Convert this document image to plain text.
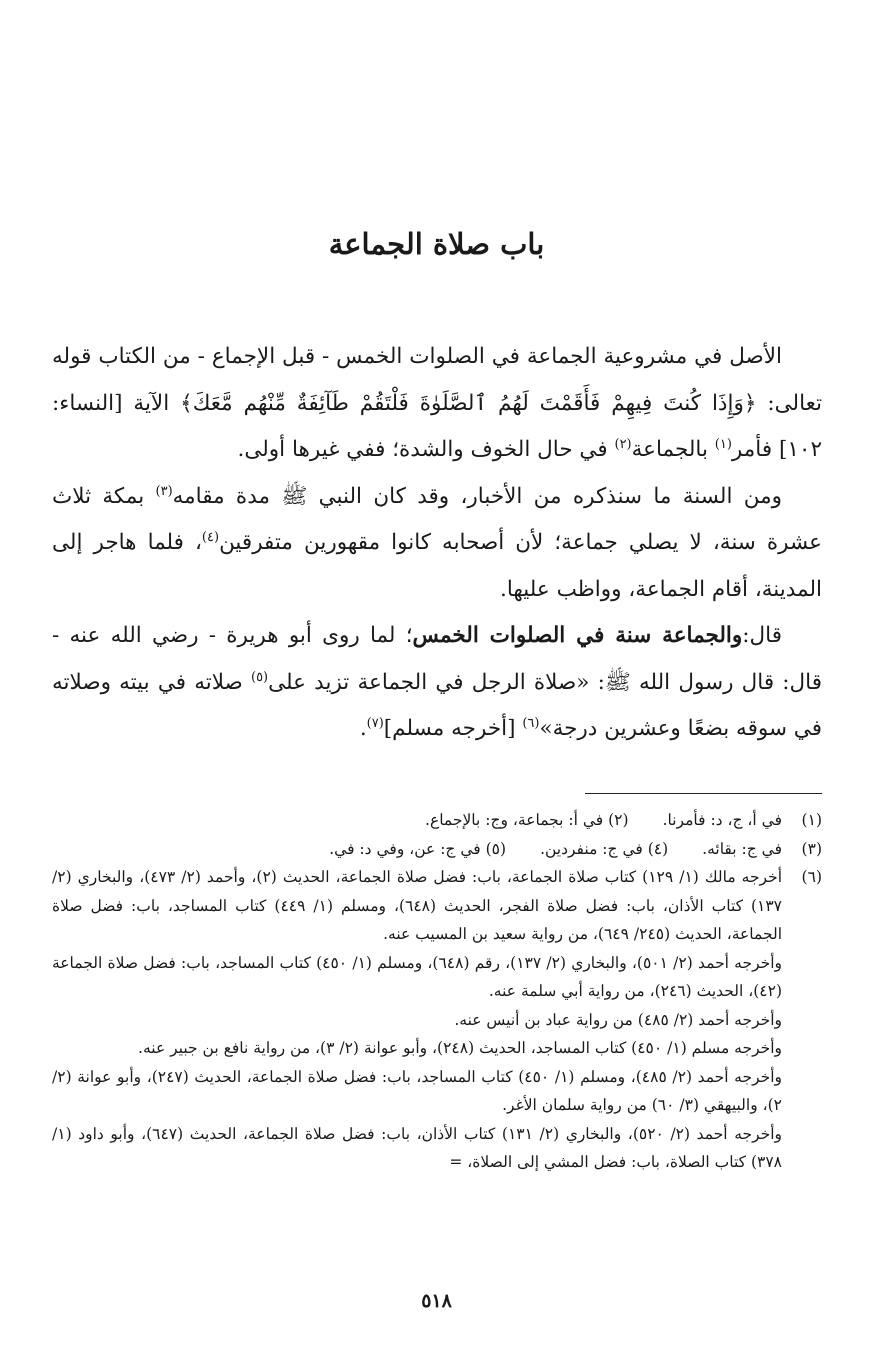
باب صلاة الجماعة

الأصل في مشروعية الجماعة في الصلوات الخمس - قبل الإجماع - من الكتاب قوله تعالى: ﴿وَإِذَا كُنتَ فِيهِمْ فَأَقَمْتَ لَهُمُ ٱلصَّلَوٰةَ فَلْتَقُمْ طَآئِفَةٌ مِّنْهُم مَّعَكَ﴾ الآية [النساء: ١٠٢] فأمر$^{(١)}$ بالجماعة$^{(٢)}$ في حال الخوف والشدة؛ ففي غيرها أولى.

ومن السنة ما سنذكره من الأخبار، وقد كان النبي ﷺ مدة مقامه$^{(٣)}$ بمكة ثلاث عشرة سنة، لا يصلي جماعة؛ لأن أصحابه كانوا مقهورين متفرقين$^{(٤)}$، فلما هاجر إلى المدينة، أقام الجماعة، وواظب عليها.

قال:والجماعة سنة في الصلوات الخمس؛ لما روى أبو هريرة - رضي الله عنه - قال: قال رسول الله ﷺ: «صلاة الرجل في الجماعة تزيد على$^{(٥)}$ صلاته في بيته وصلاته في سوقه بضعًا وعشرين درجة»$^{(٦)}$ [أخرجه مسلم]$^{(٧)}$.

(١)
في أ، ج، د: فأمرنا.(٢) في أ: بجماعة، وج: بالإجماع.
(٣)
في ج: بقائه.(٤) في ج: منفردين.(٥) في ج: عن، وفي د: في.
(٦)

أخرجه مالك (١/ ١٢٩) كتاب صلاة الجماعة، باب: فضل صلاة الجماعة، الحديث (٢)، وأحمد (٢/ ٤٧٣)، والبخاري (٢/ ١٣٧) كتاب الأذان، باب: فضل صلاة الفجر، الحديث (٦٤٨)، ومسلم (١/ ٤٤٩) كتاب المساجد، باب: فضل صلاة الجماعة، الحديث (٢٤٥/ ٦٤٩)، من رواية سعيد بن المسيب عنه.

وأخرجه أحمد (٢/ ٥٠١)، والبخاري (٢/ ١٣٧)، رقم (٦٤٨)، ومسلم (١/ ٤٥٠) كتاب المساجد، باب: فضل صلاة الجماعة (٤٢)، الحديث (٢٤٦)، من رواية أبي سلمة عنه.

وأخرجه أحمد (٢/ ٤٨٥) من رواية عباد بن أنيس عنه.

وأخرجه مسلم (١/ ٤٥٠) كتاب المساجد، الحديث (٢٤٨)، وأبو عوانة (٢/ ٣)، من رواية نافع بن جبير عنه.

وأخرجه أحمد (٢/ ٤٨٥)، ومسلم (١/ ٤٥٠) كتاب المساجد، باب: فضل صلاة الجماعة، الحديث (٢٤٧)، وأبو عوانة (٢/ ٢)، والبيهقي (٣/ ٦٠) من رواية سلمان الأغر.

وأخرجه أحمد (٢/ ٥٢٠)، والبخاري (٢/ ١٣١) كتاب الأذان، باب: فضل صلاة الجماعة، الحديث (٦٤٧)، وأبو داود (١/ ٣٧٨) كتاب الصلاة، باب: فضل المشي إلى الصلاة، =

٥١٨
